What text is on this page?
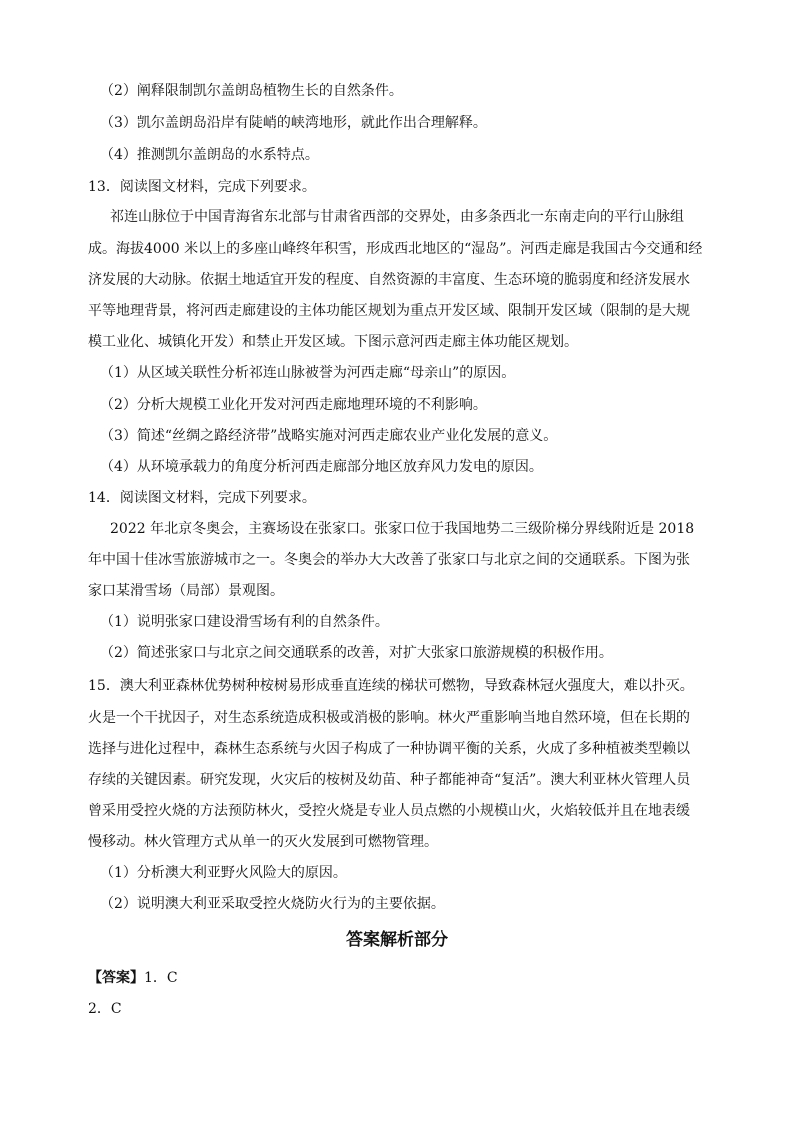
（2）阐释限制凯尔盖朗岛植物生长的自然条件。
（3）凯尔盖朗岛沿岸有陡峭的峡湾地形，就此作出合理解释。
（4）推测凯尔盖朗岛的水系特点。
13．阅读图文材料，完成下列要求。
祁连山脉位于中国青海省东北部与甘肃省西部的交界处，由多条西北一东南走向的平行山脉组
成。海拔4000 米以上的多座山峰终年积雪，形成西北地区的“湿岛”。河西走廊是我国古今交通和经
济发展的大动脉。依据土地适宜开发的程度、自然资源的丰富度、生态环境的脆弱度和经济发展水
平等地理背景，将河西走廊建设的主体功能区规划为重点开发区域、限制开发区域（限制的是大规
模工业化、城镇化开发）和禁止开发区域。下图示意河西走廊主体功能区规划。
（1）从区域关联性分析祁连山脉被誉为河西走廊“母亲山”的原因。
（2）分析大规模工业化开发对河西走廊地理环境的不利影响。
（3）简述“丝绸之路经济带”战略实施对河西走廊农业产业化发展的意义。
（4）从环境承载力的角度分析河西走廊部分地区放弃风力发电的原因。
14．阅读图文材料，完成下列要求。
2022 年北京冬奥会，主赛场设在张家口。张家口位于我国地势二三级阶梯分界线附近是 2018
年中国十佳冰雪旅游城市之一。冬奥会的举办大大改善了张家口与北京之间的交通联系。下图为张
家口某滑雪场（局部）景观图。
（1）说明张家口建设滑雪场有利的自然条件。
（2）简述张家口与北京之间交通联系的改善，对扩大张家口旅游规模的积极作用。
15．澳大利亚森林优势树种桉树易形成垂直连续的梯状可燃物，导致森林冠火强度大，难以扑灭。
火是一个干扰因子，对生态系统造成积极或消极的影响。林火严重影响当地自然环境，但在长期的
选择与进化过程中，森林生态系统与火因子构成了一种协调平衡的关系，火成了多种植被类型赖以
存续的关键因素。研究发现，火灾后的桉树及幼苗、种子都能神奇“复活”。澳大利亚林火管理人员
曾采用受控火烧的方法预防林火，受控火烧是专业人员点燃的小规模山火，火焰较低并且在地表缓
慢移动。林火管理方式从单一的灭火发展到可燃物管理。
（1）分析澳大利亚野火风险大的原因。
（2）说明澳大利亚采取受控火烧防火行为的主要依据。
答案解析部分
【答案】1．C
2．C
